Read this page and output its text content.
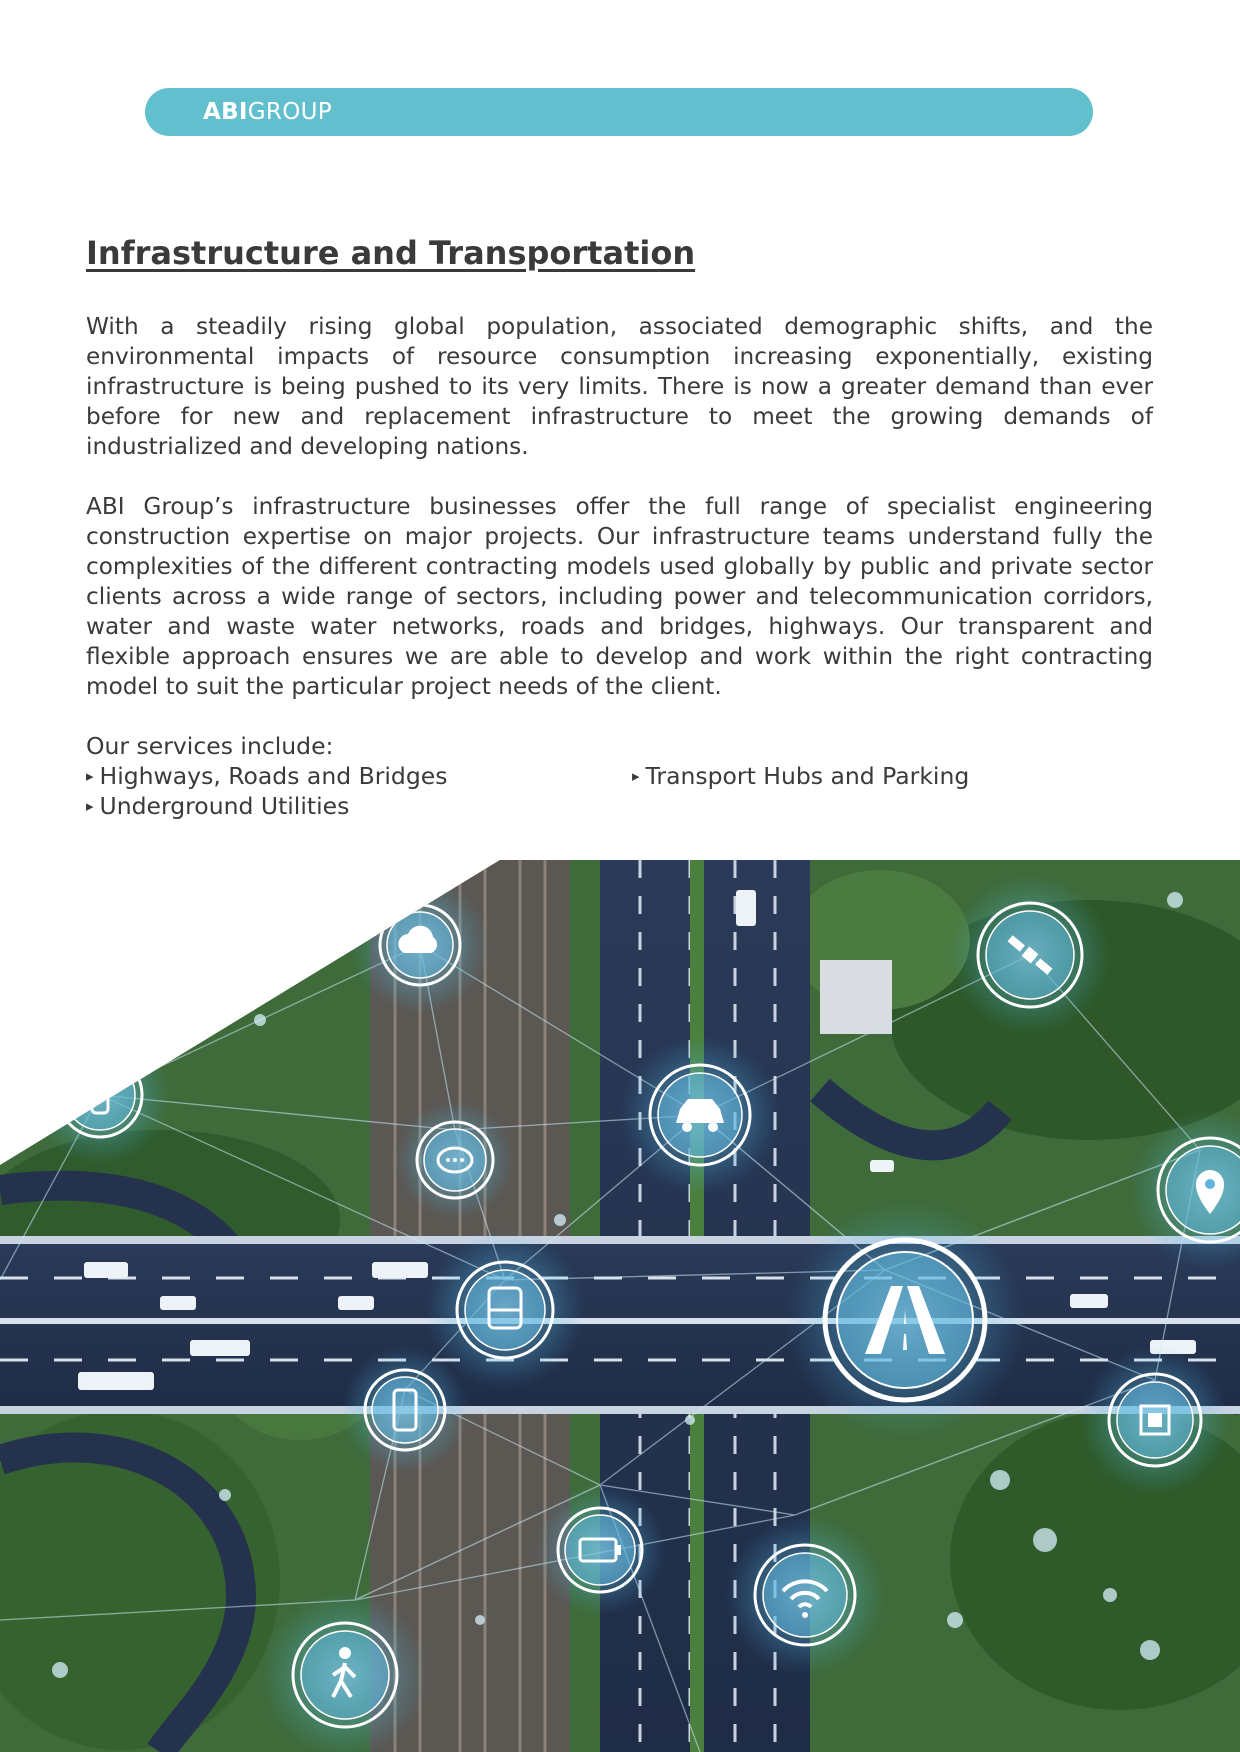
ABIGROUP
Infrastructure and Transportation

With a steadily rising global population, associated demographic shifts, and the environmental impacts of resource consumption increasing exponentially, existing infrastructure is being pushed to its very limits. There is now a greater demand than ever before for new and replacement infrastructure to meet the growing demands of industrialized and developing nations.

ABI Group’s infrastructure businesses offer the full range of specialist engineering construction expertise on major projects. Our infrastructure teams understand fully the complexities of the different contracting models used globally by public and private sector clients across a wide range of sectors, including power and telecommunication corridors, water and waste water networks, roads and bridges, highways. Our transparent and flexible approach ensures we are able to develop and work within the right contracting model to suit the particular project needs of the client.

Our services include:
▸ Highways, Roads and Bridges	▸ Transport Hubs and Parking
▸ Underground Utilities
